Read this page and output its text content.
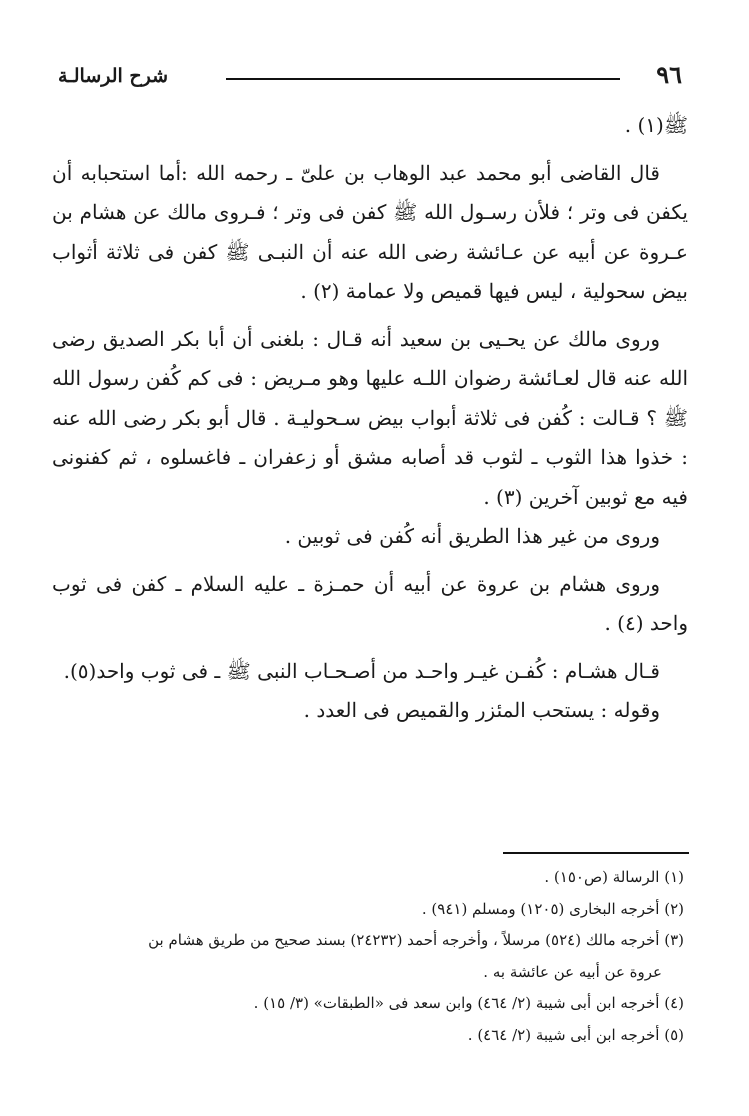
٩٦
شرح الرسالـة

ﷺ(١) .

قال القاضى أبو محمد عبد الوهاب بن علىّ ـ رحمه الله :أما استحبابه أن يكفن فى وتر ؛ فلأن رسـول الله ﷺ كفن فى وتر ؛ فـروى مالك عن هشام بن عـروة عن أبيه عن عـائشة رضى الله عنه أن النبـى ﷺ كفن فى ثلاثة أثواب بيض سحولية ، ليس فيها قميص ولا عمامة (٢) .

وروى مالك عن يحـيى بن سعيد أنه قـال : بلغنى أن أبا بكر الصديق رضى الله عنه قال لعـائشة رضوان اللـه عليها وهو مـريض : فى كم كُفن رسول الله ﷺ ؟ قـالت : كُفن فى ثلاثة أبواب بيض سـحوليـة . قال أبو بكر رضى الله عنه : خذوا هذا الثوب ـ لثوب قد أصابه مشق أو زعفران ـ فاغسلوه ، ثم كفنونى فيه مع ثوبين آخرين (٣) .

وروى من غير هذا الطريق أنه كُفن فى ثوبين .

وروى هشام بن عروة عن أبيه أن حمـزة ـ عليه السلام ـ كفن فى ثوب واحد (٤) .

قـال هشـام : كُفـن غيـر واحـد من أصـحـاب النبى ﷺ ـ فى ثوب واحد(٥).

وقوله : يستحب المئزر والقميص فى العدد .

(١) الرسالة (ص١٥٠) .

(٢) أخرجه البخارى (١٢٠٥) ومسلم (٩٤١) .

(٣) أخرجه مالك (٥٢٤) مرسلاً ، وأخرجه أحمد (٢٤٢٣٢) بسند صحيح من طريق هشام بن

عروة عن أبيه عن عائشة به .

(٤) أخرجه ابن أبى شيبة (٢/ ٤٦٤) وابن سعد فى «الطبقات» (٣/ ١٥) .

(٥) أخرجه ابن أبى شيبة (٢/ ٤٦٤) .
